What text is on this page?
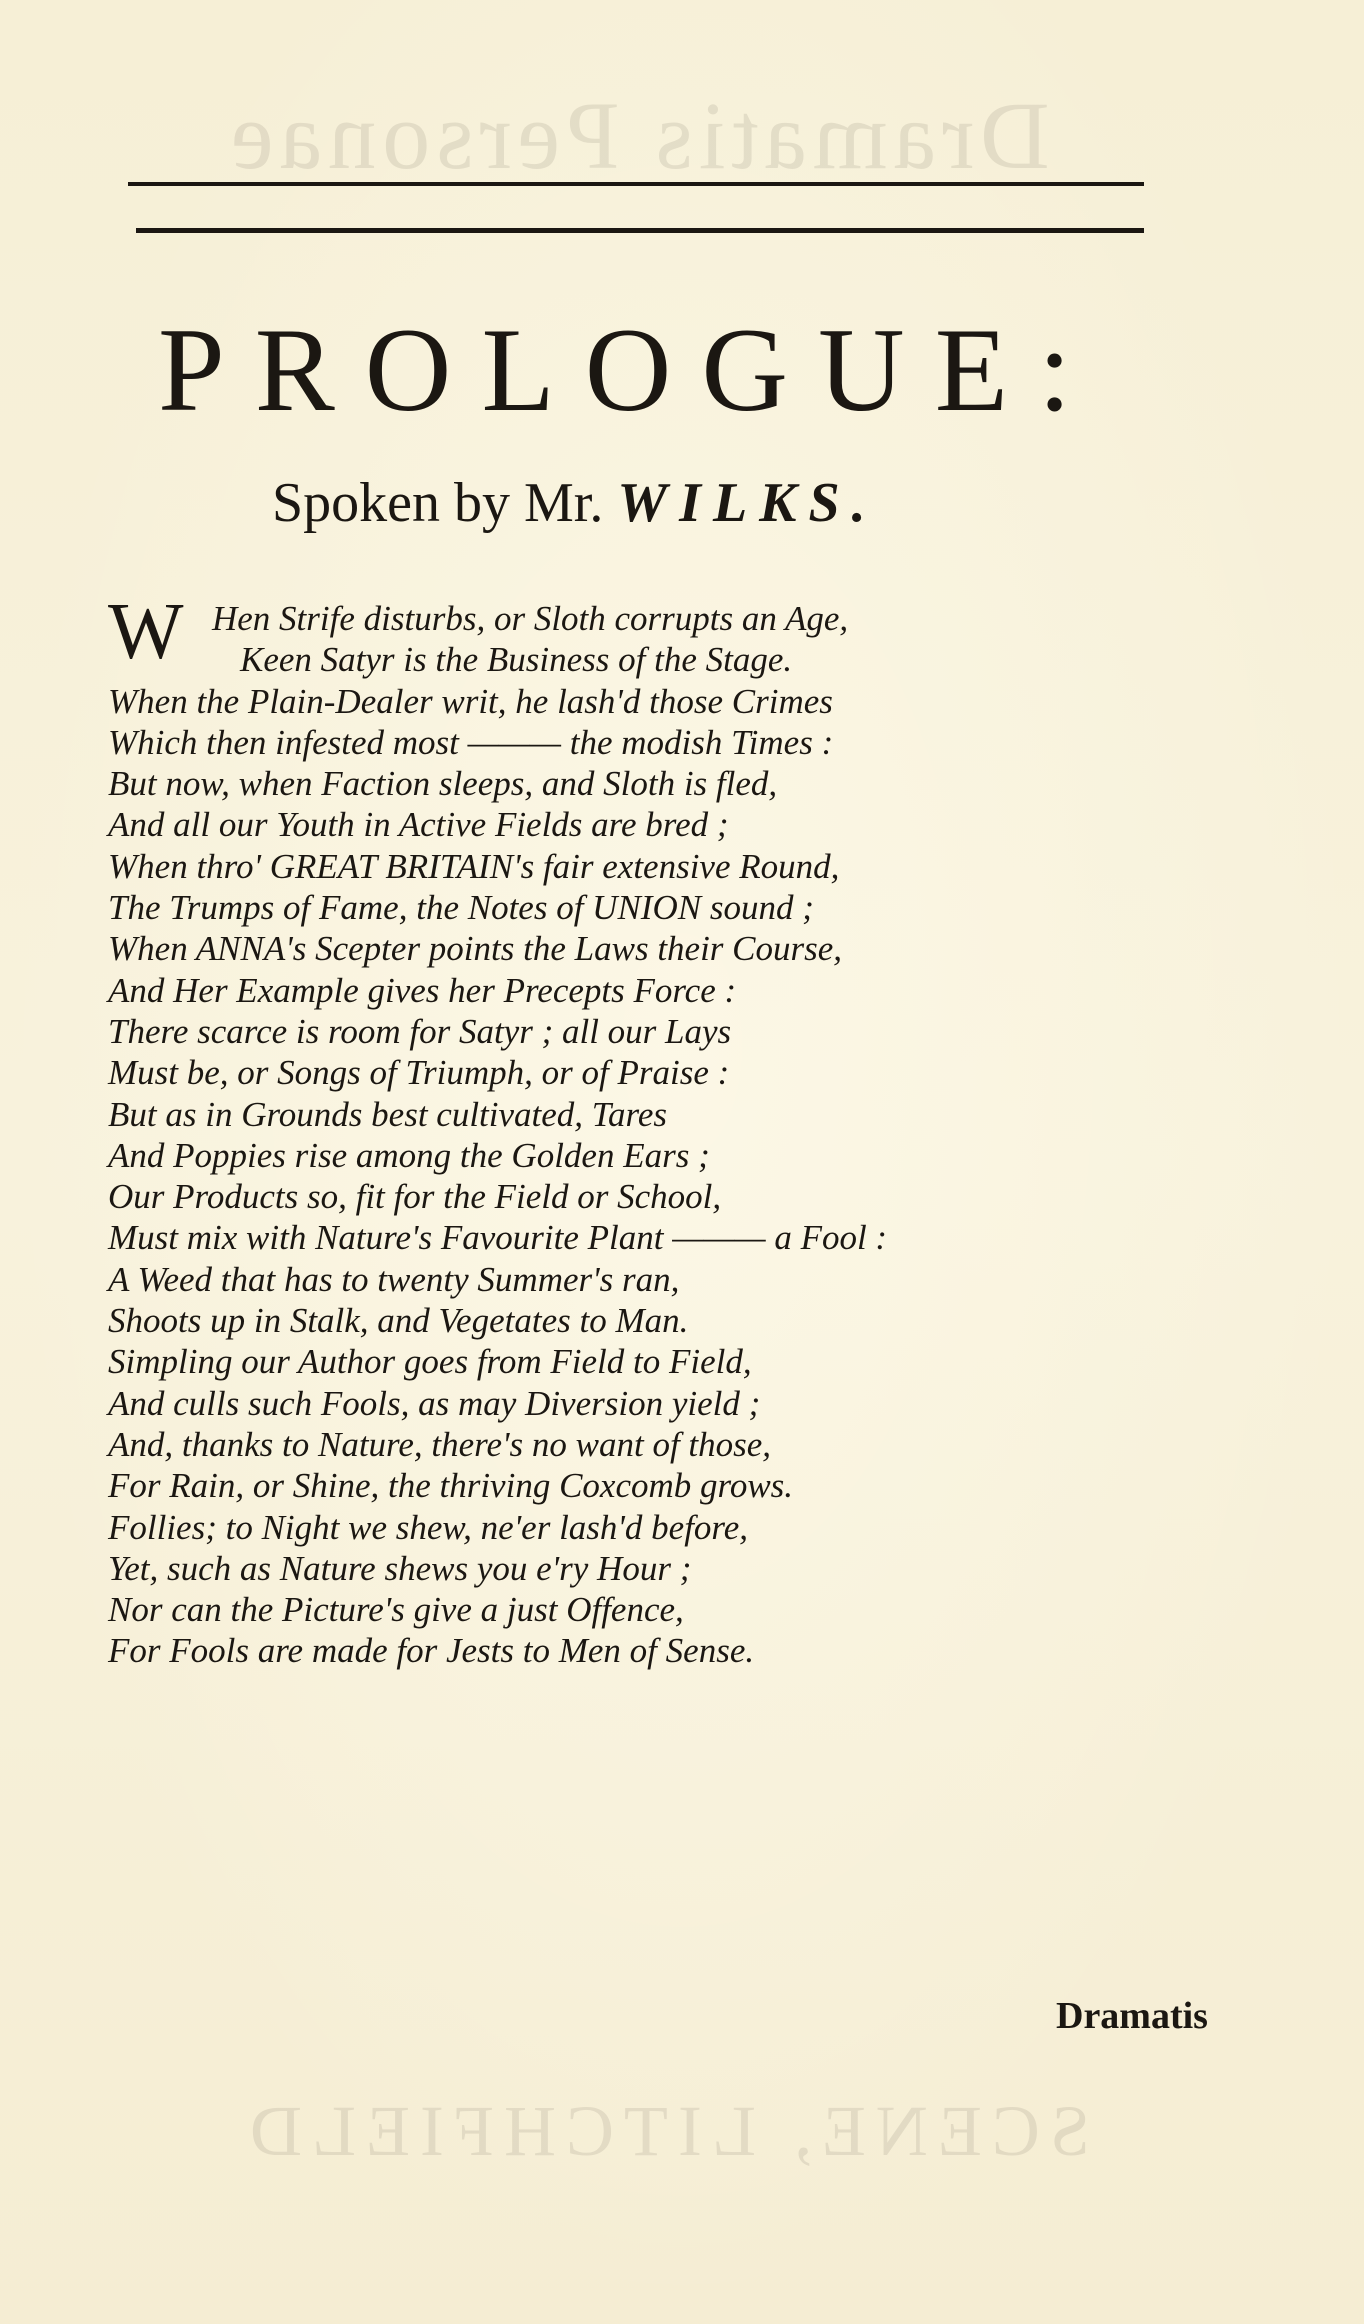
Dramatis Personae
SCENE, LITCHFIELD
PROLOGUE:

Spoken by Mr. WILKS.

W Hen Strife disturbs, or Sloth corrupts an Age,
Keen Satyr is the Business of the Stage.
When the Plain-Dealer writ, he lash'd those Crimes
Which then infested most ——— the modish Times :
But now, when Faction sleeps, and Sloth is fled,
And all our Youth in Active Fields are bred ;
When thro' GREAT BRITAIN's fair extensive Round,
The Trumps of Fame, the Notes of UNION sound ;
When ANNA's Scepter points the Laws their Course,
And Her Example gives her Precepts Force :
There scarce is room for Satyr ; all our Lays
Must be, or Songs of Triumph, or of Praise :
But as in Grounds best cultivated, Tares
And Poppies rise among the Golden Ears ;
Our Products so, fit for the Field or School,
Must mix with Nature's Favourite Plant ——— a Fool :
A Weed that has to twenty Summer's ran,
Shoots up in Stalk, and Vegetates to Man.
Simpling our Author goes from Field to Field,
And culls such Fools, as may Diversion yield ;
And, thanks to Nature, there's no want of those,
For Rain, or Shine, the thriving Coxcomb grows.
Follies; to Night we shew, ne'er lash'd before,
Yet, such as Nature shews you e'ry Hour ;
Nor can the Picture's give a just Offence,
For Fools are made for Jests to Men of Sense.
Dramatis
